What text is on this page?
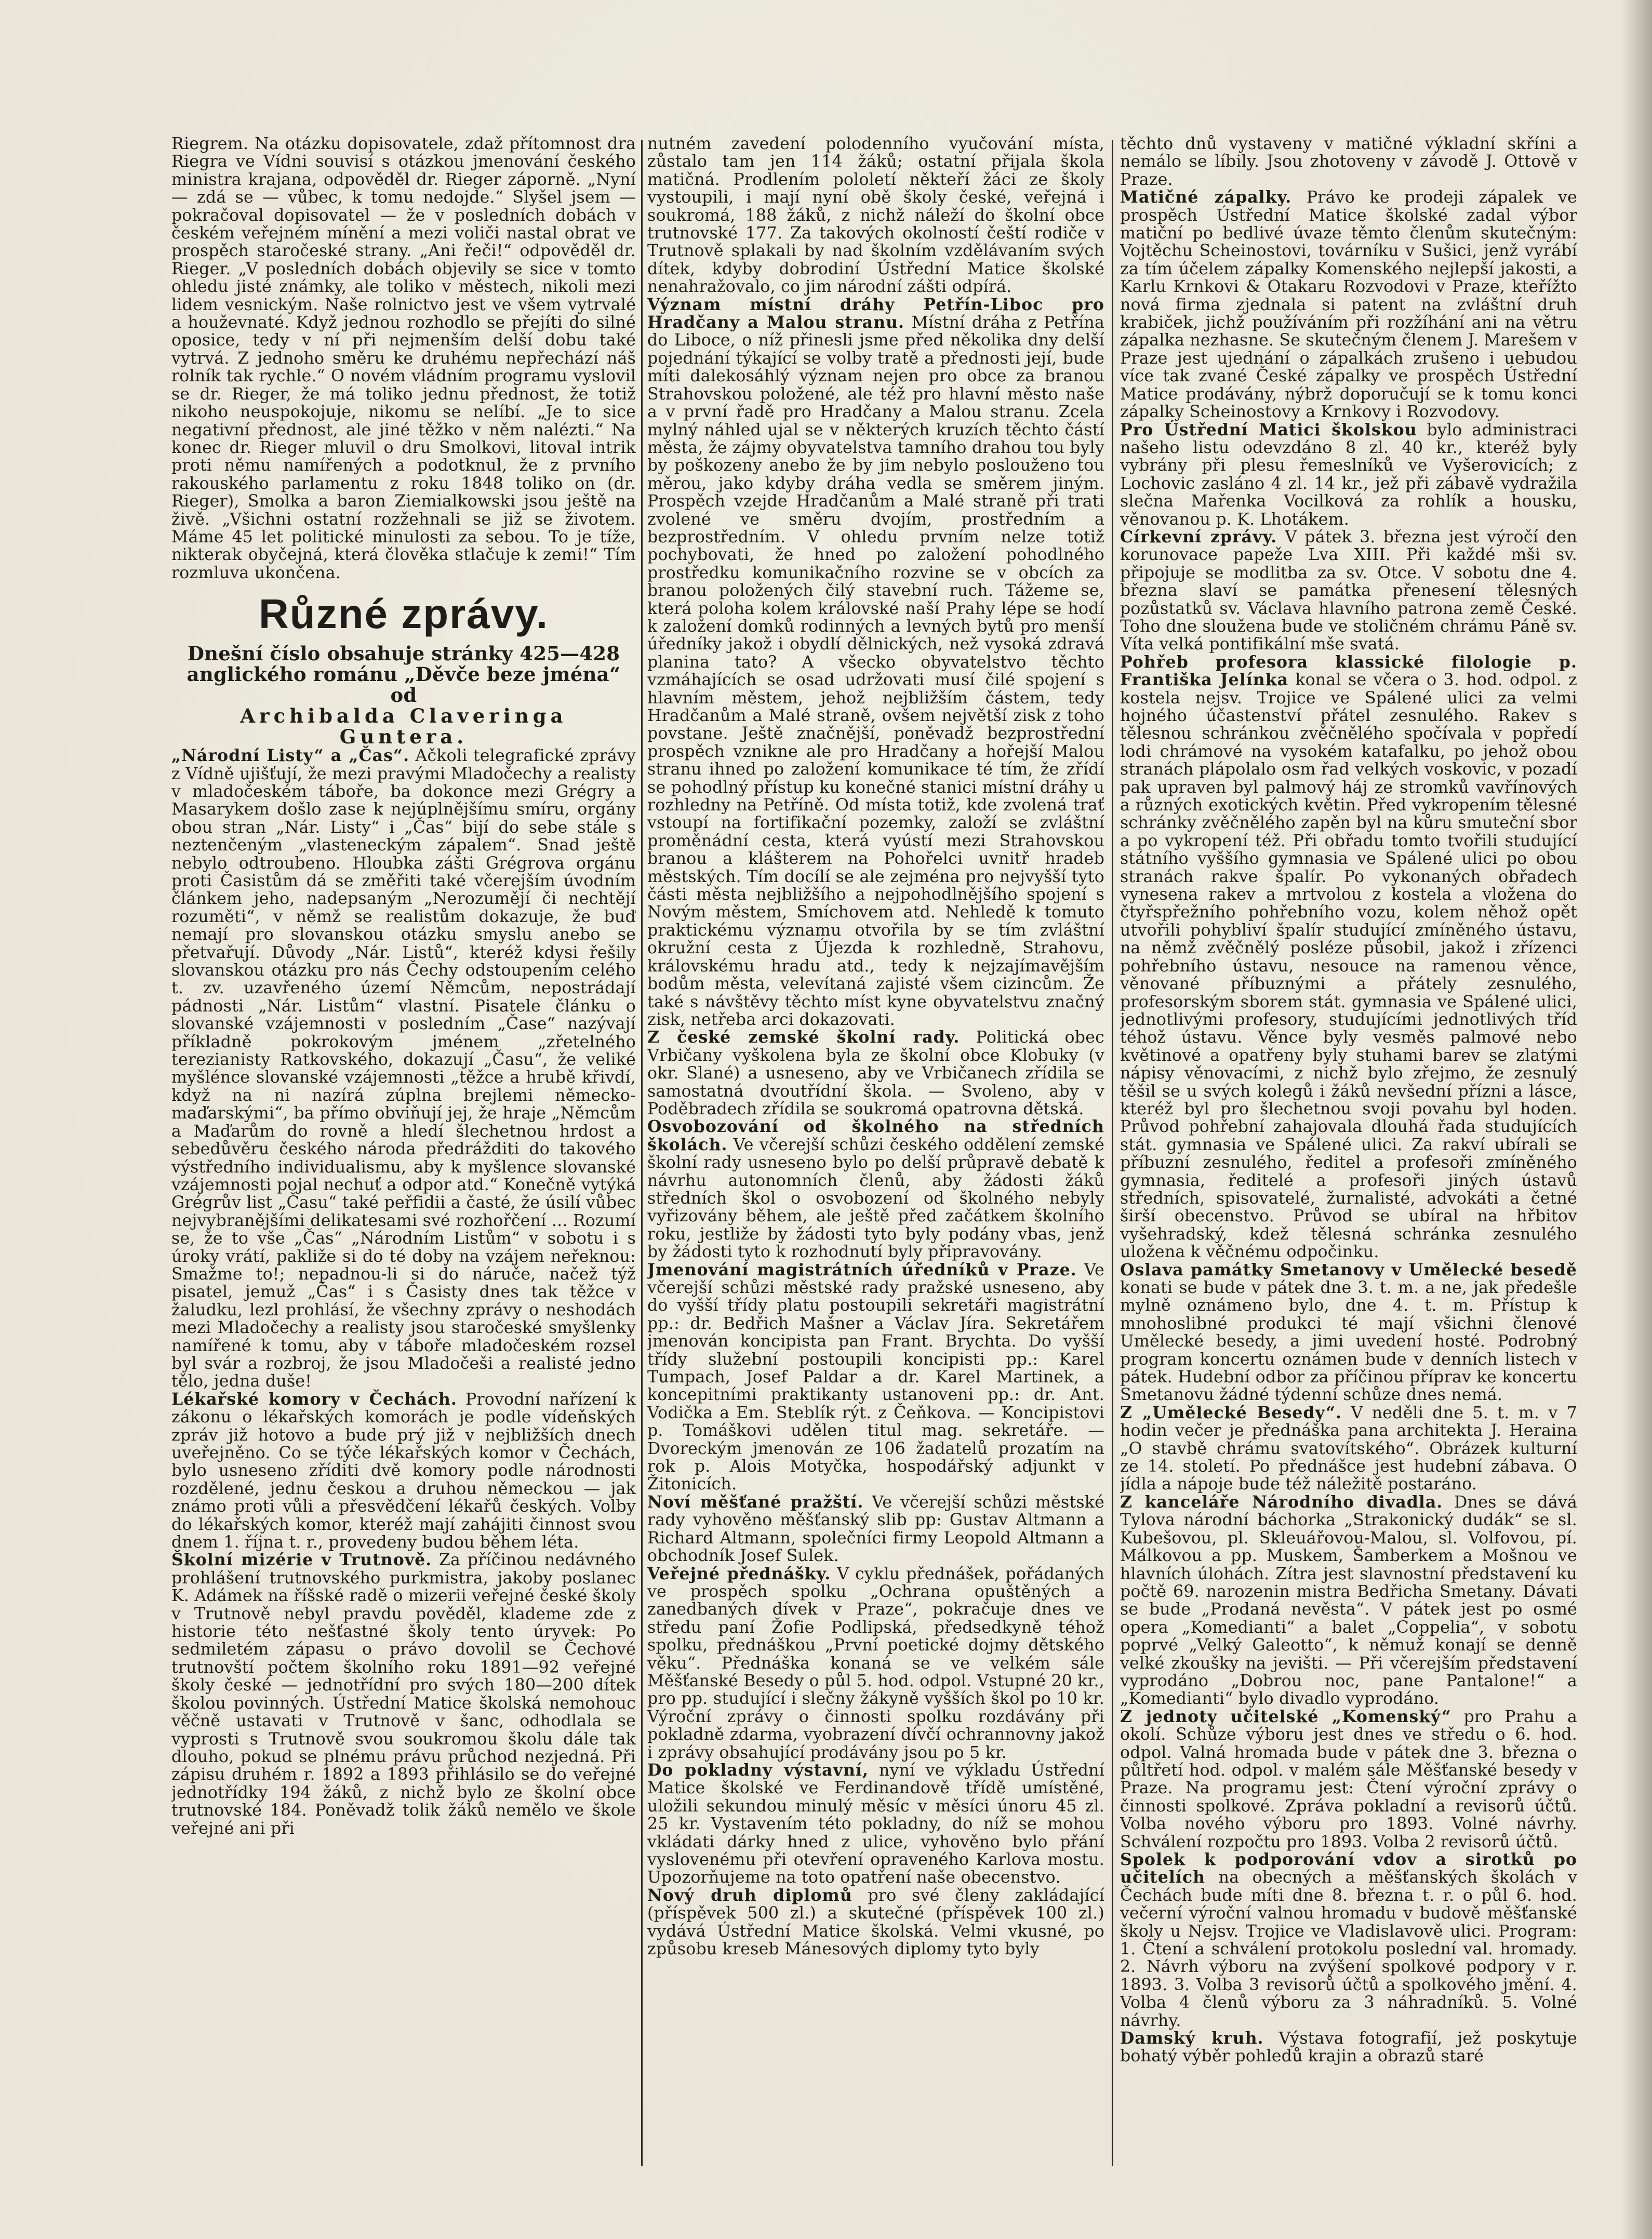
Riegrem. Na otázku dopisovatele, zdaž přítomnost dra Riegra ve Vídni souvisí s otázkou jmenování českého ministra krajana, odpověděl dr. Rieger záporně. „Nyní — zdá se — vůbec, k tomu nedojde.“ Slyšel jsem — pokračoval dopisovatel — že v posledních dobách v českém veřejném mínění a mezi voliči nastal obrat ve prospěch staročeské strany. „Ani řeči!“ odpověděl dr. Rieger. „V posledních dobách objevily se sice v tomto ohledu jisté známky, ale toliko v městech, nikoli mezi lidem vesnickým. Naše rolnictvo jest ve všem vytrvalé a houževnaté. Když jednou rozhodlo se přejíti do silné oposice, tedy v ní při nejmenším delší dobu také vytrvá. Z jednoho směru ke druhému nepřechází náš rolník tak rychle.“ O novém vládním programu vyslovil se dr. Rieger, že má toliko jednu přednost, že totiž nikoho neuspokojuje, nikomu se nelíbí. „Je to sice negativní přednost, ale jiné těžko v něm nalézti.“ Na konec dr. Rieger mluvil o dru Smolkovi, litoval intrik proti němu namířených a podotknul, že z prvního rakouského parlamentu z roku 1848 toliko on (dr. Rieger), Smolka a baron Ziemialkowski jsou ještě na živě. „Všichni ostatní rozžehnali se již se životem. Máme 45 let politické minulosti za sebou. To je tíže, nikterak obyčejná, která člověka stlačuje k zemi!“ Tím rozmluva ukončena.

Různé zprávy.
Dnešní číslo obsahuje stránky 425—428
anglického románu „Děvče beze jména“ od
Archibalda Claveringa Guntera.

„Národní Listy“ a „Čas“. Ačkoli telegrafické zprávy z Vídně ujišťují, že mezi pravými Mladočechy a realisty v mladočeském táboře, ba dokonce mezi Grégry a Masarykem došlo zase k nejúplnějšímu smíru, orgány obou stran „Nár. Listy“ i „Čas“ bijí do sebe stále s neztenčeným „vlasteneckým zápalem“. Snad ještě nebylo odtroubeno. Hloubka zášti Grégrova orgánu proti Časistům dá se změřiti také včerejším úvodním článkem jeho, nadepsaným „Nerozumějí či nechtějí rozuměti“, v němž se realistům dokazuje, že buď nemají pro slovanskou otázku smyslu anebo se přetvařují. Důvody „Nár. Listů“, kteréž kdysi řešily slovanskou otázku pro nás Čechy odstoupením celého t. zv. uzavřeného území Němcům, nepostrádají pádnosti „Nár. Listům“ vlastní. Pisatele článku o slovanské vzájemnosti v posledním „Čase“ nazývají příkladně pokrokovým jménem „zřetelného terezianisty Ratkovského, dokazují „Času“, že veliké myšlénce slovanské vzájemnosti „těžce a hrubě křivdí, když na ni nazírá zúplna brejlemi německo-maďarskými“, ba přímo obviňují jej, že hraje „Němcům a Maďarům do rovně a hledí šlechetnou hrdost a sebedůvěru českého národa předrážditi do takového výstředního individualismu, aby k myšlence slovanské vzájemnosti pojal nechuť a odpor atd.“ Konečně vytýká Grégrův list „Času“ také peřfidii a časté, že úsilí vůbec nejvybranějšími delikatesami své rozhořčení ... Rozumí se, že to vše „Čas“ „Národním Listům“ v sobotu i s úroky vrátí, pakliže si do té doby na vzájem neřeknou: Smažme to!; nepadnou-li si do náruče, načež týž pisatel, jemuž „Čas“ i s Časisty dnes tak těžce v žaludku, lezl prohlásí, že všechny zprávy o neshodách mezi Mladočechy a realisty jsou staročeské smyšlenky namířené k tomu, aby v táboře mladočeském rozsel byl svár a rozbroj, že jsou Mladočeši a realisté jedno tělo, jedna duše!

Lékařské komory v Čechách. Provodní nařízení k zákonu o lékařských komorách je podle vídeňských zpráv již hotovo a bude prý již v nejbližších dnech uveřejněno. Co se týče lékařských komor v Čechách, bylo usneseno zříditi dvě komory podle národnosti rozdělené, jednu českou a druhou německou — jak známo proti vůli a přesvědčení lékařů českých. Volby do lékařských komor, kteréž mají zahájiti činnost svou dnem 1. října t. r., provedeny budou během léta.

Školní mizérie v Trutnově. Za příčinou nedávného prohlášení trutnovského purkmistra, jakoby poslanec K. Adámek na říšské radě o mizerii veřejné české školy v Trutnově nebyl pravdu pověděl, klademe zde z historie této nešťastné školy tento úryvek: Po sedmiletém zápasu o právo dovolil se Čechové trutnovští počtem školního roku 1891—92 veřejné školy české — jednotřídní pro svých 180—200 dítek školou povinných. Ústřední Matice školská nemohouc věčně ustavati v Trutnově v šanc, odhodlala se vyprosti s Trutnově svou soukromou školu dále tak dlouho, pokud se plnému právu průchod nezjedná. Při zápisu druhém r. 1892 a 1893 přihlásilo se do veřejné jednotřídky 194 žáků, z nichž bylo ze školní obce trutnovské 184. Poněvadž tolik žáků nemělo ve škole veřejné ani při

nutném zavedení polodenního vyučování místa, zůstalo tam jen 114 žáků; ostatní přijala škola matičná. Prodlením pololetí někteří žáci ze školy vystoupili, i mají nyní obě školy české, veřejná i soukromá, 188 žáků, z nichž náleží do školní obce trutnovské 177. Za takových okolností čeští rodiče v Trutnově splakali by nad školním vzdělávaním svých dítek, kdyby dobrodiní Ústřední Matice školské nenahražovalo, co jim národní zášti odpírá.

Význam místní dráhy Petřín-Liboc pro Hradčany a Malou stranu. Místní dráha z Petřína do Libocе, o níž přinesli jsme před několika dny delší pojednání týkající se volby tratě a přednosti její, bude míti dalekosáhlý význam nejen pro obce za branou Strahovskou položené, ale též pro hlavní město naše a v první řadě pro Hradčany a Malou stranu. Zcela mylný náhled ujal se v některých kruzích těchto částí města, že zájmy obyvatelstva tamního drahou tou byly by poškozeny anebo že by jim nebylo poslouženo tou měrou, jako kdyby dráha vedla se směrem jiným. Prospěch vzejde Hradčanům a Malé straně při trati zvolené ve směru dvojím, prostředním a bezprostředním. V ohledu prvním nelze totiž pochybovati, že hned po založení pohodlného prostředku komunikačního rozvine se v obcích za branou položených čilý stavební ruch. Tážeme se, která poloha kolem královské naší Prahy lépe se hodí k založení domků rodinných a levných bytů pro menší úředníky jakož i obydlí dělnických, než vysoká zdravá planina tato? A všecko obyvatelstvo těchto vzmáhajících se osad udržovati musí čilé spojení s hlavním městem, jehož nejbližším částem, tedy Hradčanům a Malé straně, ovšem největší zisk z toho povstane. Ještě značnější, poněvadž bezprostřední prospěch vznikne ale pro Hradčany a hořejší Malou stranu ihned po založení komunikace té tím, že zřídí se pohodlný přístup ku konečné stanici místní dráhy u rozhledny na Petříně. Od místa totiž, kde zvolená trať vstoupí na fortifikační pozemky, založí se zvláštní proměnádní cesta, která vyústí mezi Strahovskou branou a klášterem na Pohořelci uvnitř hradeb městských. Tím docílí se ale zejména pro nejvyšší tyto části města nejbližšího a nejpohodlnějšího spojení s Novým městem, Smíchovem atd. Nehledě k tomuto praktickému významu otvořila by se tím zvláštní okružní cesta z Újezda k rozhledně, Strahovu, královskému hradu atd., tedy k nejzajímavějším bodům města, velevítaná zajisté všem cizincům. Že také s návštěvy těchto míst kyne obyvatelstvu značný zisk, netřeba arci dokazovati.

Z české zemské školní rady. Politická obec Vrbičany vyškolena byla ze školní obce Klobuky (v okr. Slané) a usneseno, aby ve Vrbičanech zřídila se samostatná dvoutřídní škola. — Svoleno, aby v Poděbradech zřídila se soukromá opatrovna dětská.

Osvobozování od školného na středních školách. Ve včerejší schůzi českého oddělení zemské školní rady usneseno bylo po delší průpravě debatě k návrhu autonomních členů, aby žádosti žáků středních škol o osvobození od školného nebyly vyřizovány během, ale ještě před začátkem školního roku, jestliže by žádosti tyto byly podány vbas, jenž by žádosti tyto k rozhodnutí byly připravovány.

Jmenování magistrátních úředníků v Praze. Ve včerejší schůzi městské rady pražské usneseno, aby do vyšší třídy platu postoupili sekretáři magistrátní pp.: dr. Bedřich Mašner a Václav Jíra. Sekretářem jmenován koncipista pan Frant. Brychta. Do vyšší třídy služební postoupili koncipisti pp.: Karel Tumpach, Josef Paldar a dr. Karel Martinek, a koncepitními praktikanty ustanoveni pp.: dr. Ant. Vodička a Em. Steblík rýt. z Čeňkova. — Koncipistovi p. Tomáškovi udělen titul mag. sekretáře. — Dvoreckým jmenován ze 106 žadatelů prozatím na rok p. Alois Motyčka, hospodářský adjunkt v Žitonicích.

Noví měšťané pražští. Ve včerejší schůzi městské rady vyhověno měšťanský slib pp: Gustav Altmann a Richard Altmann, společníci firmy Leopold Altmann a obchodník Josef Sulek.

Veřejné přednášky. V cyklu přednášek, pořádaných ve prospěch spolku „Ochrana opuštěných a zanedbaných dívek v Praze“, pokračuje dnes ve středu paní Žofie Podlipská, předsedkyně téhož spolku, přednáškou „První poetické dojmy dětského věku“. Přednáška konaná se ve velkém sále Měšťanské Besedy o půl 5. hod. odpol. Vstupné 20 kr., pro pp. studující i slečny žákyně vyšších škol po 10 kr. Výroční zprávy o činnosti spolku rozdávány při pokladně zdarma, vyobrazení dívčí ochrannovny jakož i zprávy obsahující prodávány jsou po 5 kr.

Do pokladny výstavní, nyní ve výkladu Ústřední Matice školské ve Ferdinandově třídě umístěné, uložili sekundou minulý měsíc v měsíci únoru 45 zl. 25 kr. Vystavením této pokladny, do níž se mohou vkládati dárky hned z ulice, vyhověno bylo přání vyslovenému při otevření opraveného Karlova mostu. Upozorňujeme na toto opatření naše obecenstvo.

Nový druh diplomů pro své členy zakládající (příspěvek 500 zl.) a skutečné (příspěvek 100 zl.) vydává Ústřední Matice školská. Velmi vkusné, po způsobu kreseb Mánesových diplomy tyto byly

těchto dnů vystaveny v matičné výkladní skříni a nemálo se líbily. Jsou zhotoveny v závodě J. Ottově v Praze.

Matičné zápalky. Právo ke prodeji zápalek ve prospěch Ústřední Matice školské zadal výbor matiční po bedlivé úvaze těmto členům skutečným: Vojtěchu Scheinostovi, továrníku v Sušici, jenž vyrábí za tím účelem zápalky Komenského nejlepší jakosti, a Karlu Krnkovi & Otakaru Rozvodovi v Praze, kteřížto nová firma zjednala si patent na zvláštní druh krabiček, jichž používáním při rozžíhání ani na větru zápalka nezhasne. Se skutečným členem J. Marešem v Praze jest ujednání o zápalkách zrušeno i uebudou více tak zvané České zápalky ve prospěch Ústřední Matice prodávány, nýbrž doporučují se k tomu konci zápalky Scheinostovy a Krnkovy i Rozvodovy.

Pro Ústřední Matici školskou bylo administraci našeho listu odevzdáno 8 zl. 40 kr., kteréž byly vybrány při plesu řemeslníků ve Vyšerovicích; z Lochovic zasláno 4 zl. 14 kr., jež při zábavě vydražila slečna Mařenka Vocilková za rohlík a housku, věnovanou p. K. Lhotákem.

Církevní zprávy. V pátek 3. března jest výročí den korunovace papeže Lva XIII. Při každé mši sv. připojuje se modlitba za sv. Otce. V sobotu dne 4. března slaví se památka přenesení tělesných pozůstatků sv. Václava hlavního patrona země České. Toho dne slouženа bude ve stoličném chrámu Páně sv. Víta velká pontifikální mše svatá.

Pohřeb profesora klassické filologie p. Františka Jelínka konal se včera o 3. hod. odpol. z kostela nejsv. Trojice ve Spálené ulici za velmi hojného účastenství přátel zesnulého. Rakev s tělesnou schránkou zvěčnělého spočívala v popředí lodi chrámové na vysokém katafalku, po jehož obou stranách plápolalo osm řad velkých voskovic, v pozadí pak upraven byl palmový háj ze stromků vavřínových a různých exotických květin. Před vykropením tělesné schránky zvěčnělého zapěn byl na kůru smuteční sbor a po vykropení též. Při obřadu tomto tvořili studující státního vyššího gymnasia ve Spálené ulici po obou stranách rakve špalír. Po vykonaných obřadech vynesena rakev a mrtvolou z kostela a vložena do čtyřspřežního pohřebního vozu, kolem něhož opět utvořili pohybliví špalír studující zmíněného ústavu, na němž zvěčnělý posléze působil, jakož i zřízenci pohřebního ústavu, nesouce na ramenou věnce, věnované příbuznými a přátely zesnulého, profesorským sborem stát. gymnasia ve Spálené ulici, jednotlivými profesory, studujícími jednotlivých tříd téhož ústavu. Věnce byly vesměs palmové nebo květinové a opatřeny byly stuhami barev se zlatými nápisy věnovacími, z nichž bylo zřejmo, že zesnulý těšil se u svých kolegů i žáků nevšední přízni a lásce, kteréž byl pro šlechetnou svoji povahu byl hoden. Průvod pohřební zahajovala dlouhá řada studujících stát. gymnasia ve Spálené ulici. Za rakví ubírali se příbuzní zesnulého, ředitel a profesoři zmíněného gymnasia, ředitelé a profesoři jiných ústavů středních, spisovatelé, žurnalisté, advokáti a četné širší obecenstvo. Průvod se ubíral na hřbitov vyšehradský, kdež tělesná schránka zesnulého uložena k věčnému odpočinku.

Oslava památky Smetanovy v Umělecké besedě konati se bude v pátek dne 3. t. m. a ne, jak předešle mylně oznámeno bylo, dne 4. t. m. Přístup k mnohoslibné produkci té mají všichni členové Umělecké besedy, a jimi uvedení hosté. Podrobný program koncertu oznámen bude v denních listech v pátek. Hudební odbor za příčinou příprav ke koncertu Smetanovu žádné týdenní schůze dnes nemá.

Z „Umělecké Besedy“. V neděli dne 5. t. m. v 7 hodin večer je přednáška pana architekta J. Heraina „O stavbě chrámu svatovítského“. Obrázek kulturní ze 14. století. Po přednášce jest hudební zábava. O jídla a nápoje bude též náležitě postaráno.

Z kanceláře Národního divadla. Dnes se dává Tylova národní báchorka „Strakonický dudák“ se sl. Kubešovou, pl. Skleuářovou-Malou, sl. Volfovou, pí. Málkovou a pp. Muskem, Šamberkem a Mošnou ve hlavních úlohách. Zítra jest slavnostní představení ku počtě 69. narozenin mistra Bedřicha Smetany. Dávati se bude „Prodaná nevěsta“. V pátek jest po osmé opera „Komedianti“ a balet „Coppelia“, v sobotu poprvé „Velký Galeotto“, k němuž konají se denně velké zkoušky na jevišti. — Při včerejším představení vyprodáno „Dobrou noc, pane Pantalone!“ a „Komedianti“ bylo divadlo vyprodáno.

Z jednoty učitelské „Komenský“ pro Prahu a okolí. Schůze výboru jest dnes ve středu o 6. hod. odpol. Valná hromada bude v pátek dne 3. března o půltřetí hod. odpol. v malém sále Měšťanské besedy v Praze. Na programu jest: Čtení výroční zprávy o činnosti spolkové. Zpráva pokladní a revisorů účtů. Volba nového výboru pro 1893. Volné návrhy. Schválení rozpočtu pro 1893. Volba 2 revisorů účtů.

Spolek k podporování vdov a sirotků po učitelích na obecných a měšťanských školách v Čechách bude míti dne 8. března t. r. o půl 6. hod. večerní výroční valnou hromadu v budově měšťanské školy u Nejsv. Trojice ve Vladislavově ulici. Program: 1. Čtení a schválení protokolu poslední val. hromady. 2. Návrh výboru na zvýšení spolkové podpory v r. 1893. 3. Volba 3 revisorů účtů a spolkového jmění. 4. Volba 4 členů výboru za 3 náhradníků. 5. Volné návrhy.

Damský kruh. Výstava fotografií, jež poskytuje bohatý výběr pohledů krajin a obrazů staré
